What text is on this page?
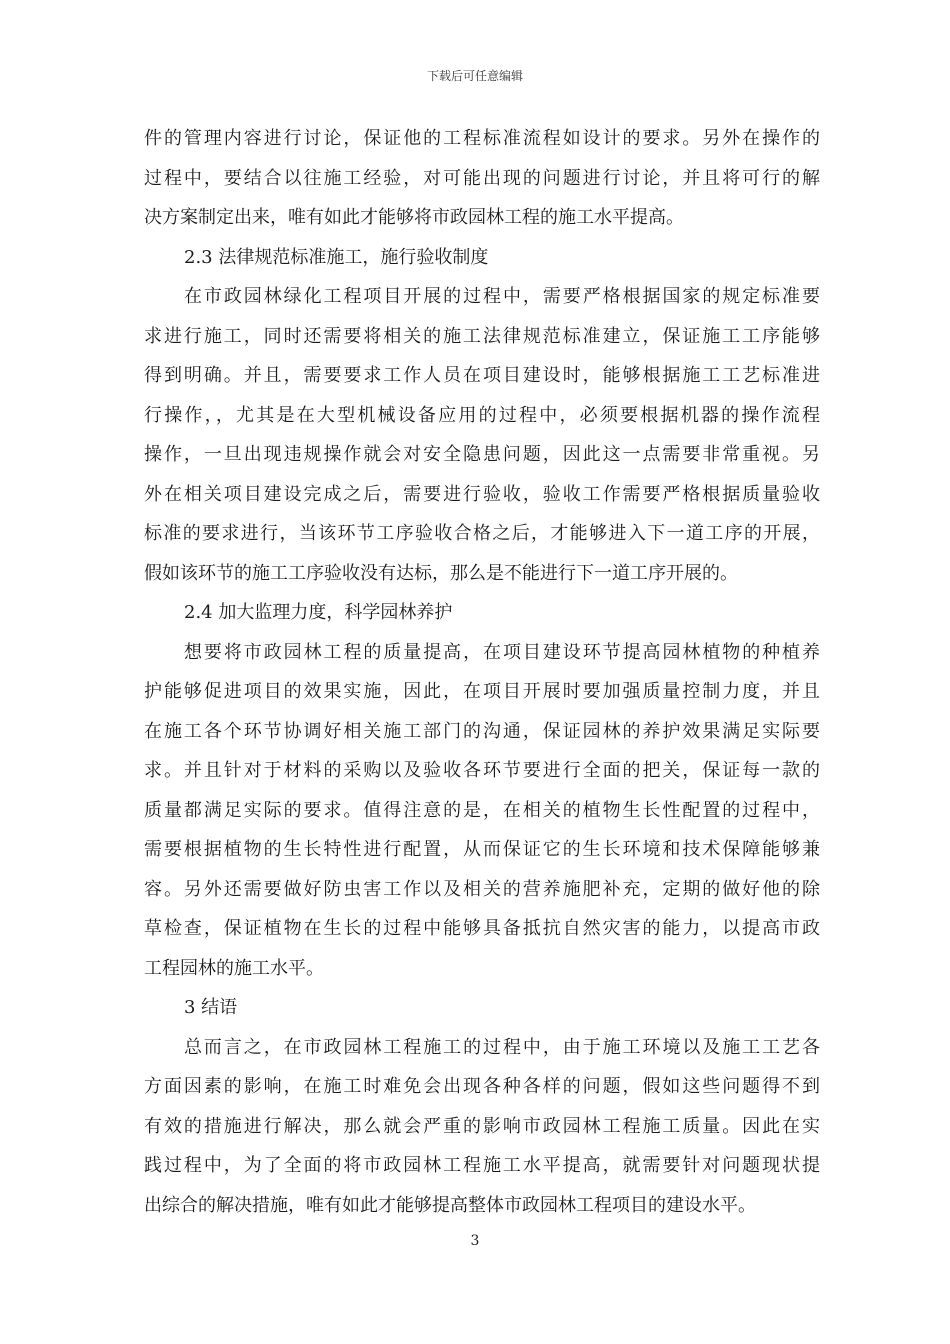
下载后可任意编辑
件的管理内容进行讨论，保证他的工程标准流程如设计的要求。另外在操作的
过程中，要结合以往施工经验，对可能出现的问题进行讨论，并且将可行的解
决方案制定出来，唯有如此才能够将市政园林工程的施工水平提高。
2.3 法律规范标准施工，施行验收制度
在市政园林绿化工程项目开展的过程中，需要严格根据国家的规定标准要
求进行施工，同时还需要将相关的施工法律规范标准建立，保证施工工序能够
得到明确。并且，需要要求工作人员在项目建设时，能够根据施工工艺标准进
行操作，，尤其是在大型机械设备应用的过程中，必须要根据机器的操作流程
操作，一旦出现违规操作就会对安全隐患问题，因此这一点需要非常重视。另
外在相关项目建设完成之后，需要进行验收，验收工作需要严格根据质量验收
标准的要求进行，当该环节工序验收合格之后，才能够进入下一道工序的开展，
假如该环节的施工工序验收没有达标，那么是不能进行下一道工序开展的。
2.4 加大监理力度，科学园林养护
想要将市政园林工程的质量提高，在项目建设环节提高园林植物的种植养
护能够促进项目的效果实施，因此，在项目开展时要加强质量控制力度，并且
在施工各个环节协调好相关施工部门的沟通，保证园林的养护效果满足实际要
求。并且针对于材料的采购以及验收各环节要进行全面的把关，保证每一款的
质量都满足实际的要求。值得注意的是，在相关的植物生长性配置的过程中，
需要根据植物的生长特性进行配置，从而保证它的生长环境和技术保障能够兼
容。另外还需要做好防虫害工作以及相关的营养施肥补充，定期的做好他的除
草检查，保证植物在生长的过程中能够具备抵抗自然灾害的能力，以提高市政
工程园林的施工水平。
3 结语
总而言之，在市政园林工程施工的过程中，由于施工环境以及施工工艺各
方面因素的影响，在施工时难免会出现各种各样的问题，假如这些问题得不到
有效的措施进行解决，那么就会严重的影响市政园林工程施工质量。因此在实
践过程中，为了全面的将市政园林工程施工水平提高，就需要针对问题现状提
出综合的解决措施，唯有如此才能够提高整体市政园林工程项目的建设水平。
3
